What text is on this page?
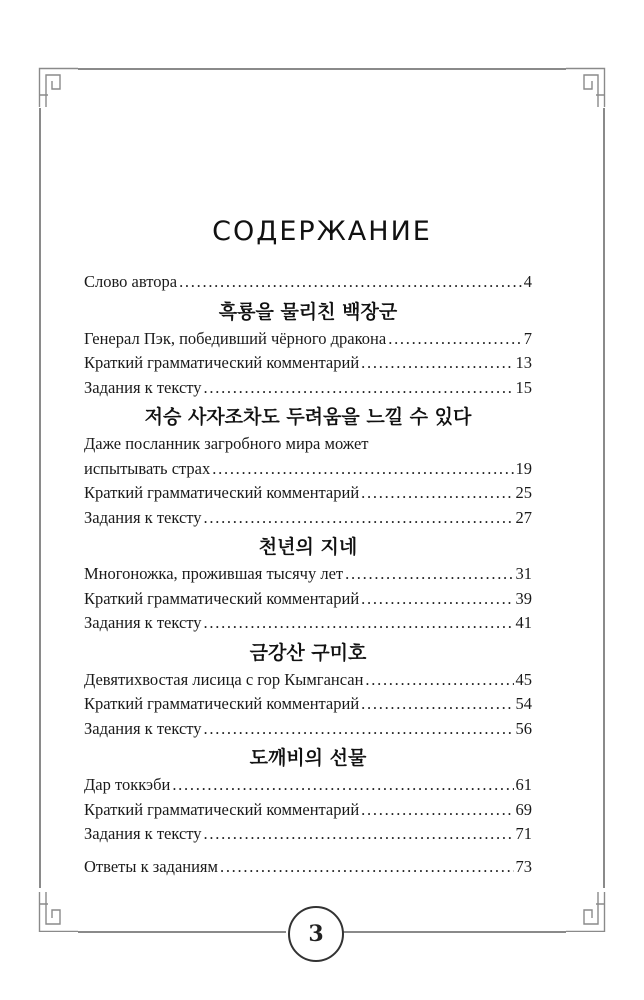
СОДЕРЖАНИЕ
Слово автора . . .	4
흑룡을 물리친 백장군
Генерал Пэк, победивший чёрного дракона . . .	7
Краткий грамматический комментарий . . .	13
Задания к тексту . . .	15
저승 사자조차도 두려움을 느낄 수 있다
Даже посланник загробного мира может
испытывать страх . . .	19
Краткий грамматический комментарий . . .	25
Задания к тексту . . .	27
천년의 지네
Многоножка, прожившая тысячу лет . . .	31
Краткий грамматический комментарий . . .	39
Задания к тексту . . .	41
금강산 구미호
Девятихвостая лисица с гор Кымгансан . . .	45
Краткий грамматический комментарий . . .	54
Задания к тексту . . .	56
도깨비의 선물
Дар токкэби . . .	61
Краткий грамматический комментарий . . .	69
Задания к тексту . . .	71
Ответы к заданиям . . .	73
3
